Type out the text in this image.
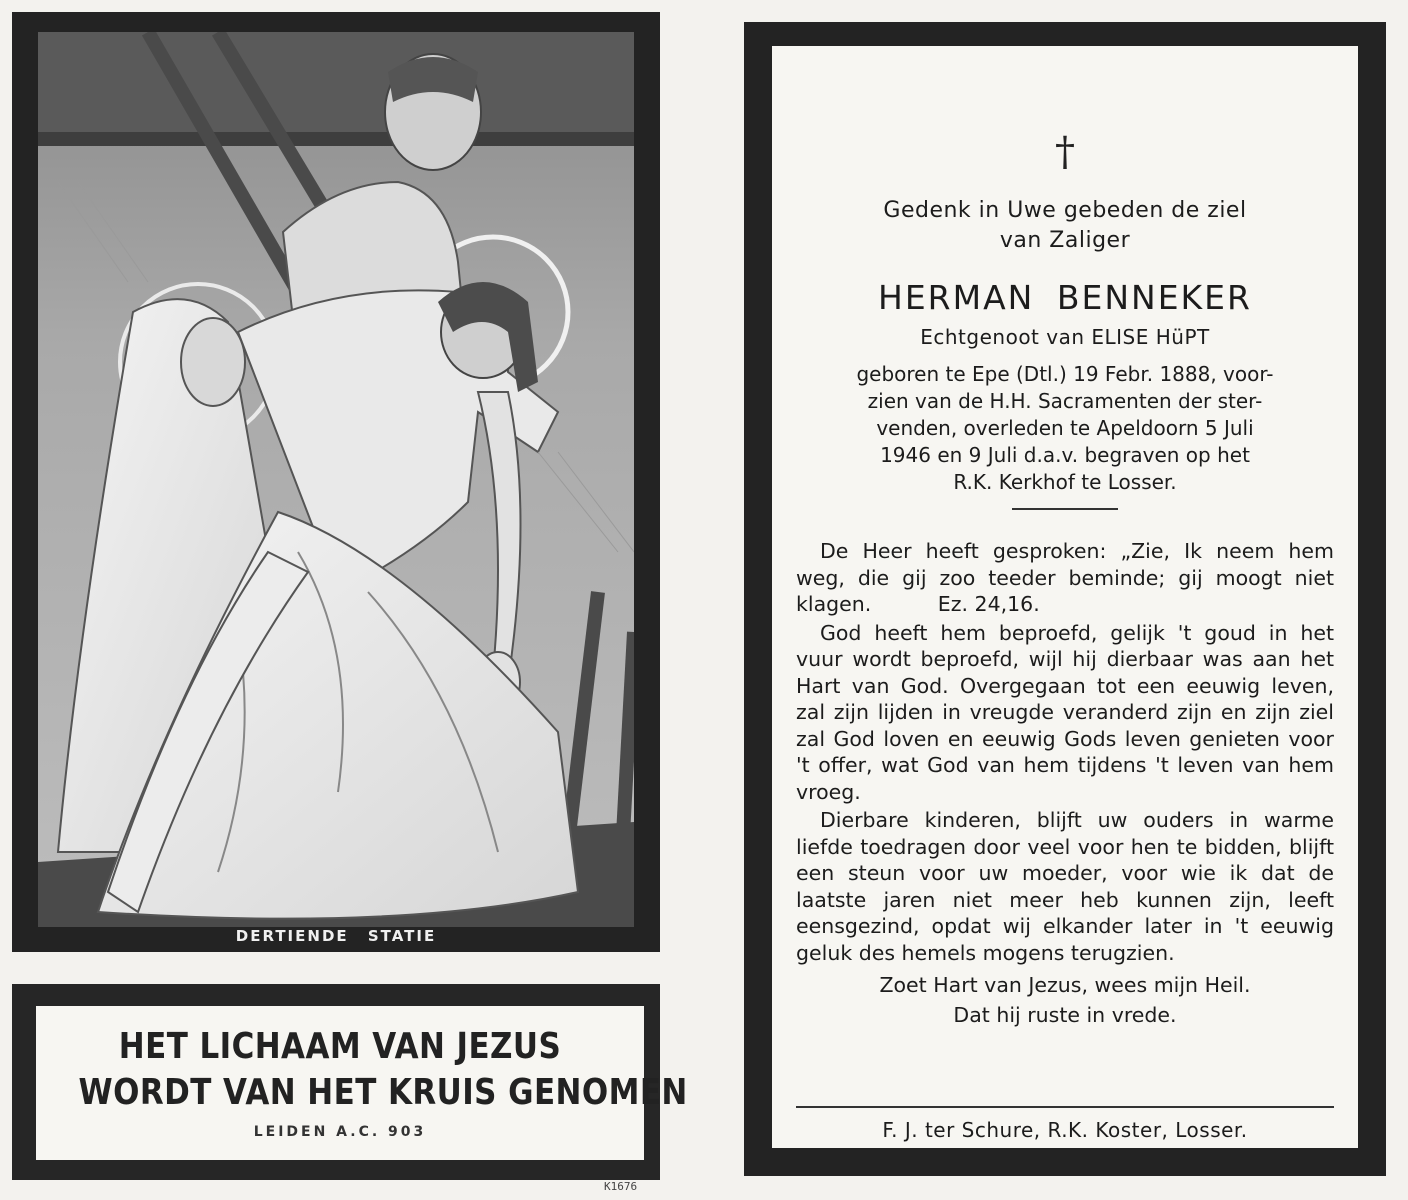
DERTIENDE STATIE
HET LICHAAM VAN JEZUS
WORDT VAN HET KRUIS GENOMEN
LEIDEN A.C. 903
K1676
†
Gedenk in Uwe gebeden de ziel
van Zaliger
HERMAN BENNEKER
Echtgenoot van ELISE HüPT
geboren te Epe (Dtl.) 19 Febr. 1888, voor-
zien van de H.H. Sacramenten der ster-
venden, overleden te Apeldoorn 5 Juli
1946 en 9 Juli d.a.v. begraven op het
R.K. Kerkhof te Losser.
De Heer heeft gesproken: „Zie, Ik neem hem weg, die gij zoo teeder beminde; gij moogt niet klagen.	Ez. 24,16.
God heeft hem beproefd, gelijk 't goud in het vuur wordt beproefd, wijl hij dierbaar was aan het Hart van God. Overgegaan tot een eeuwig leven, zal zijn lijden in vreugde veranderd zijn en zijn ziel zal God loven en eeuwig Gods leven genieten voor 't offer, wat God van hem tijdens 't leven van hem vroeg.
Dierbare kinderen, blijft uw ouders in warme liefde toedragen door veel voor hen te bidden, blijft een steun voor uw moeder, voor wie ik dat de laatste jaren niet meer heb kunnen zijn, leeft eensgezind, opdat wij elkander later in 't eeuwig geluk des hemels mogens terugzien.
Zoet Hart van Jezus, wees mijn Heil.
Dat hij ruste in vrede.
F. J. ter Schure, R.K. Koster, Losser.
